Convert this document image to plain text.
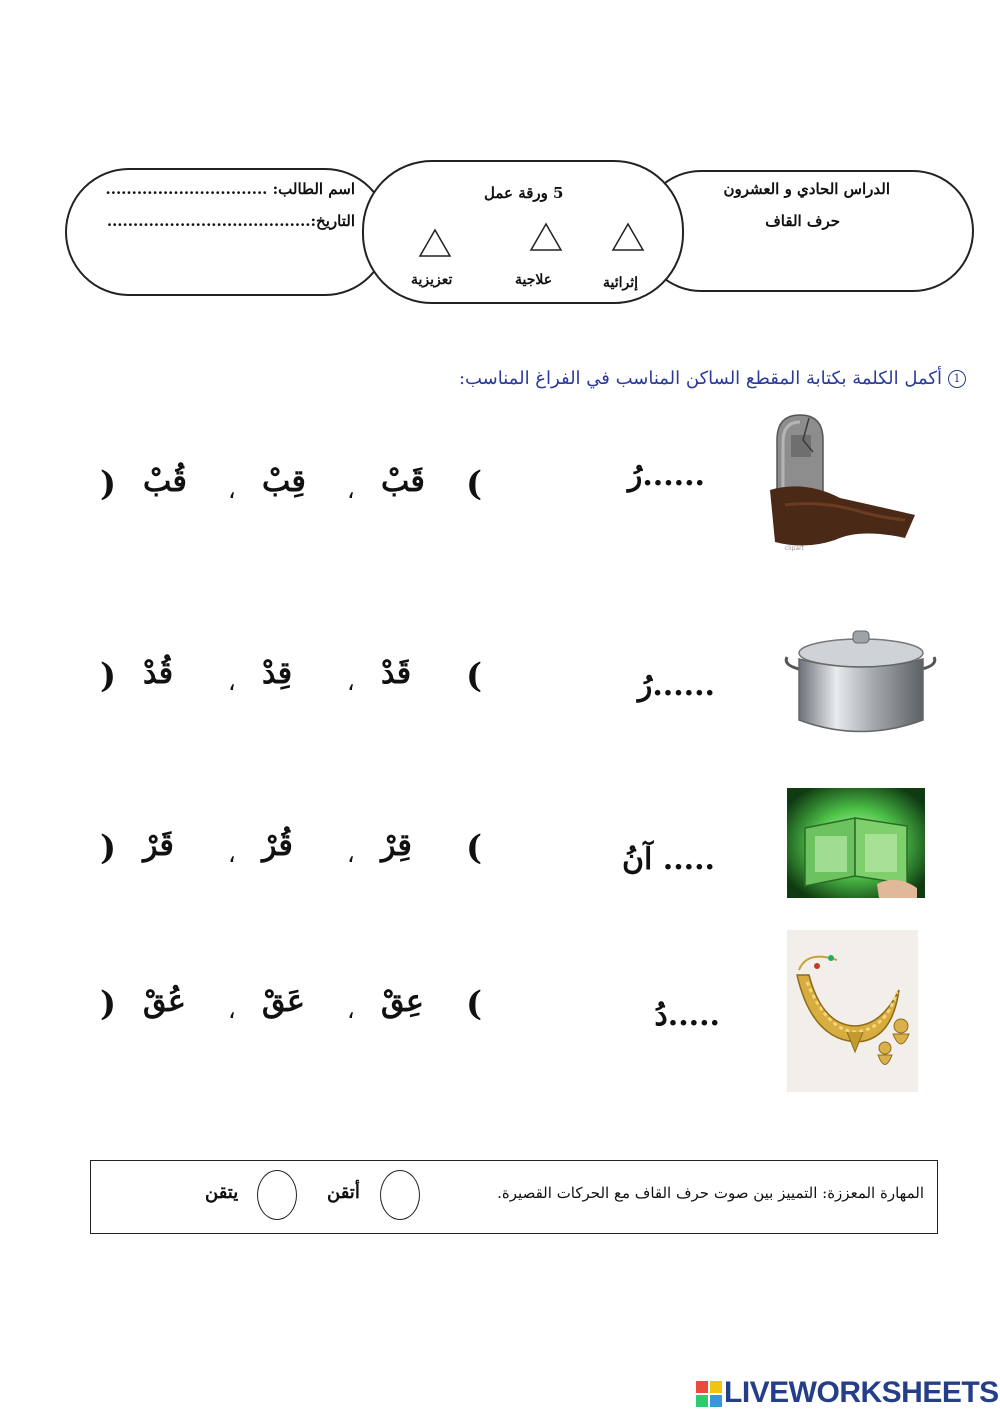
الدراس الحادي و العشرون
حرف القاف
اسم الطالب: ...............................
التاريخ:.......................................
5 ورقة عمل
إثرائية
علاجية
تعزيزية
1أكمل الكلمة بكتابة المقطع الساكن المناسب في الفراغ المناسب:
clipart
......رُ
(
قَبْ
،
قِبْ
،
قُبْ
)
......رُ
(
قَدْ
،
قِدْ
،
قُدْ
)
..... آنُ
(
قِرْ
،
قُرْ
،
قَرْ
)
.....دُ
(
عِقْ
،
عَقْ
،
عُقْ
)
المهارة المعززة: التمييز بين صوت حرف القاف مع الحركات القصيرة.
أتقن
يتقن
LIVEWORKSHEETS
